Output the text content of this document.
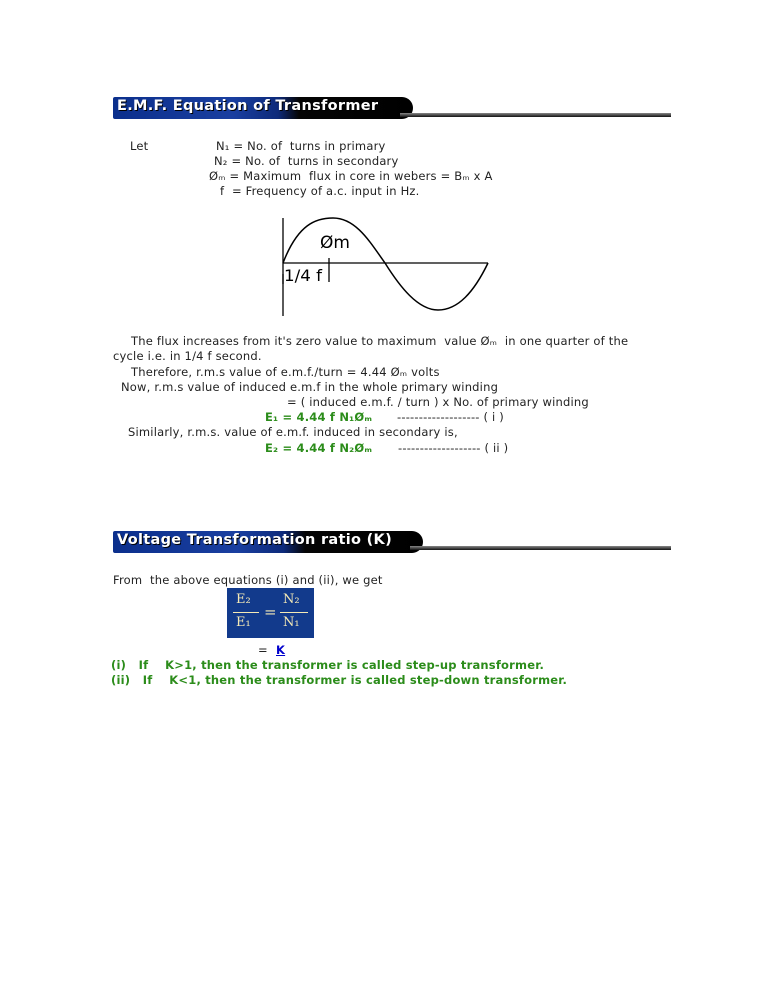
E.M.F. Equation of Transformer
Let	N₁ = No. of  turns in primary
N₂ = No. of  turns in secondary
Øₘ = Maximum  flux in core in webers = Bₘ x A
f  = Frequency of a.c. input in Hz.
Øm
1/4 f
The flux increases from it's zero value to maximum  value Øₘ  in one quarter of the
cycle i.e. in 1/4 f second.
Therefore, r.m.s value of e.m.f./turn = 4.44 Øₘ volts
Now, r.m.s value of induced e.m.f in the whole primary winding
= ( induced e.m.f. / turn ) x No. of primary winding
E₁ = 4.44 f N₁Øₘ ------------------- ( i )
Similarly, r.m.s. value of e.m.f. induced in secondary is,
E₂ = 4.44 f N₂Øₘ ------------------- ( ii )
Voltage Transformation ratio (K)
From  the above equations (i) and (ii), we get
E₂
E₁
=
N₂
N₁
= K
(i)   If    K>1, then the transformer is called step-up transformer.
(ii)   If    K<1, then the transformer is called step-down transformer.
